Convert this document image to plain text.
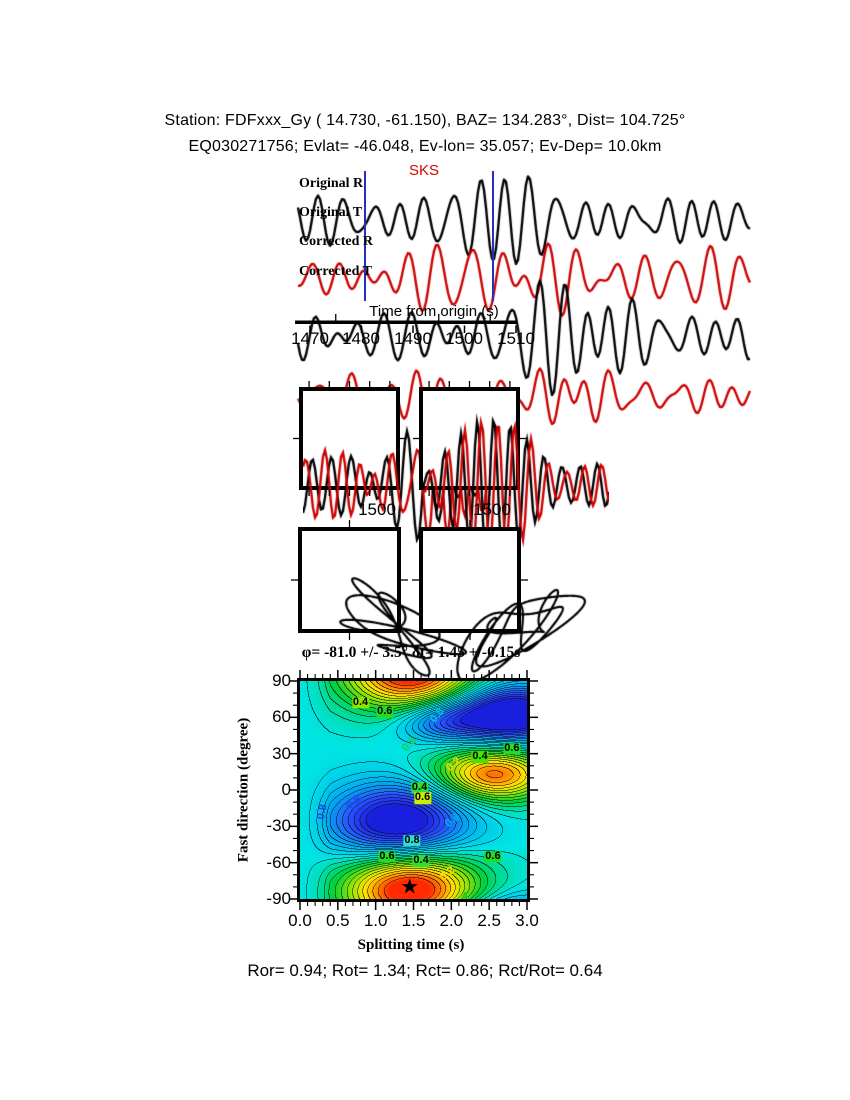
Station: FDFxxx_Gy ( 14.730, -61.150), BAZ= 134.283°, Dist= 104.725°
EQ030271756; Evlat= -46.048, Ev-lon= 35.057; Ev-Dep= 10.0km
Original R
Original T
Corrected R
Corrected T
SKS
Time from origin (s)
1470 1480 1490 1500 1510
1500	1500
φ= -81.0 +/- 3.5° δt= 1.45 +/-0.15s
Fast direction (degree)
★	▲
0.4
0.6	0.8
0.6
0.4
0.6
0.2
0.4
0.6
0.8
0.8	0.8
0.8
0.6 0.4	0.6
0.2
90
60
30
0
-30
-60
-90
0.0 0.5 1.0 1.5 2.0 2.5 3.0
Splitting time (s)
Ror= 0.94; Rot= 1.34; Rct= 0.86; Rct/Rot= 0.64
